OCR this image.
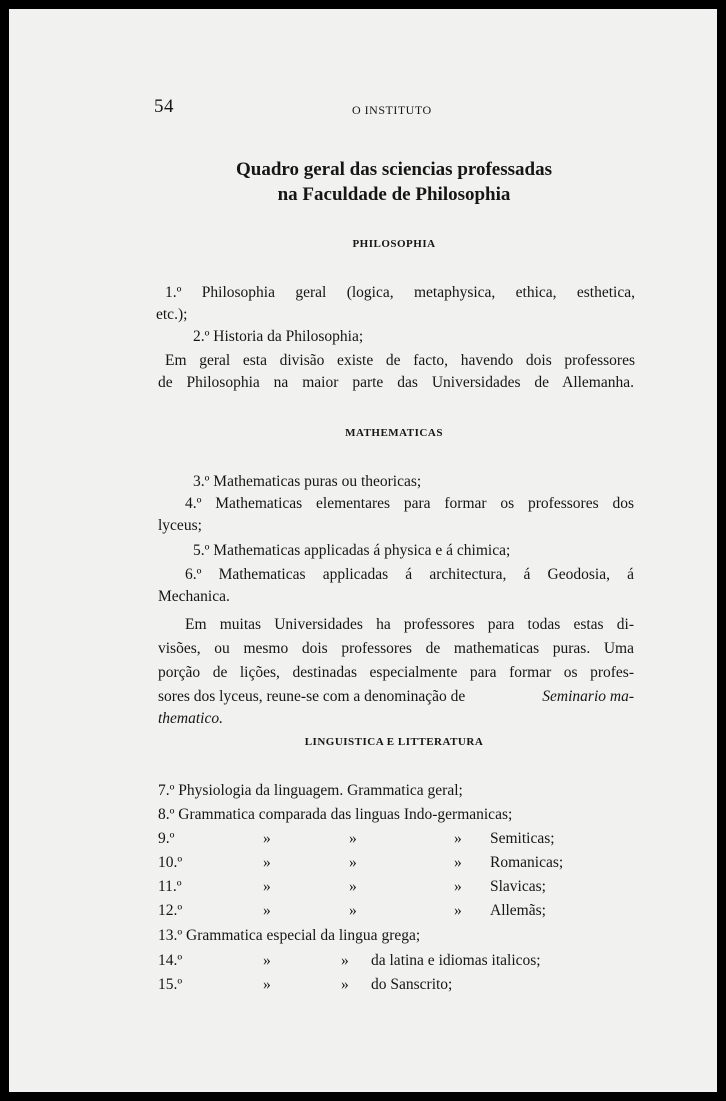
54	O INSTITUTO
Quadro geral das sciencias professadas
na Faculdade de Philosophia
PHILOSOPHIA
1.º Philosophia geral (logica, metaphysica, ethica, esthetica,
etc.);
2.º Historia da Philosophia;
Em geral esta divisão existe de facto, havendo dois professores
de Philosophia na maior parte das Universidades de Allemanha.
MATHEMATICAS
3.º Mathematicas puras ou theoricas;
4.º Mathematicas elementares para formar os professores dos
lyceus;
5.º Mathematicas applicadas á physica e á chimica;
6.º Mathematicas applicadas á architectura, á Geodosia, á
Mechanica.
Em muitas Universidades ha professores para todas estas di-
visões, ou mesmo dois professores de mathematicas puras. Uma
porção de lições, destinadas especialmente para formar os profes-
sores dos lyceus, reune-se com a denominação de	Seminario ma-
thematico.
LINGUISTICA E LITTERATURA
7.º Physiologia da linguagem. Grammatica geral;
8.º Grammatica comparada das linguas Indo-germanicas;
9.º	»	»	» Semiticas;
10.º	»	»	» Romanicas;
11.º	»	»	» Slavicas;
12.º	»	»	» Allemãs;
13.º Grammatica especial da lingua grega;
14.º	»	» da latina e idiomas italicos;
15.º	»	» do Sanscrito;
